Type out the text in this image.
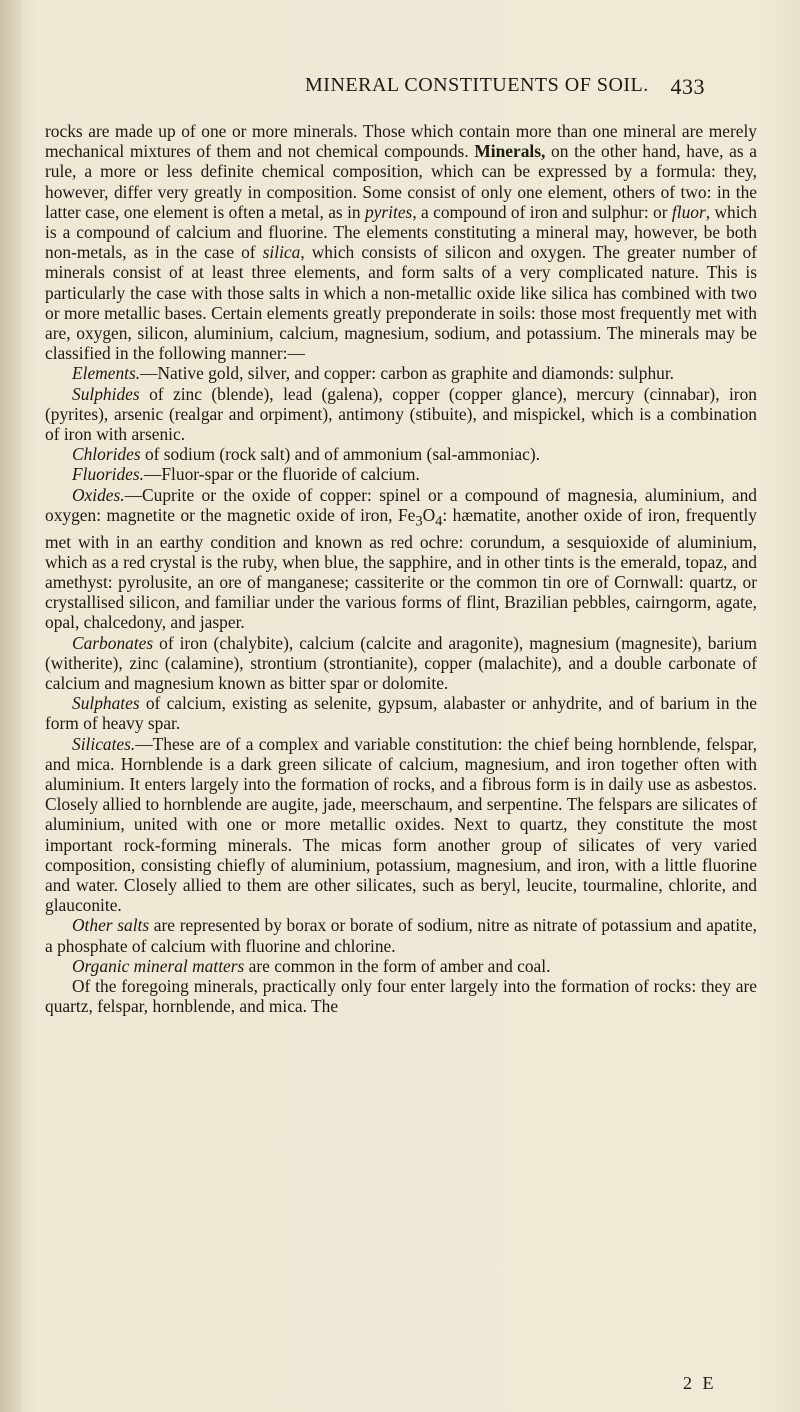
MINERAL CONSTITUENTS OF SOIL. 433

rocks are made up of one or more minerals. Those which contain more than one mineral are merely mechanical mixtures of them and not chemical compounds. Minerals, on the other hand, have, as a rule, a more or less definite chemical composition, which can be expressed by a formula: they, however, differ very greatly in composition. Some consist of only one element, others of two: in the latter case, one element is often a metal, as in pyrites, a compound of iron and sulphur: or fluor, which is a compound of calcium and fluorine. The elements constituting a mineral may, however, be both non-metals, as in the case of silica, which consists of silicon and oxygen. The greater number of minerals consist of at least three elements, and form salts of a very complicated nature. This is particularly the case with those salts in which a non-metallic oxide like silica has combined with two or more metallic bases. Certain elements greatly preponderate in soils: those most frequently met with are, oxygen, silicon, aluminium, calcium, magnesium, sodium, and potassium. The minerals may be classified in the following manner:—

Elements.—Native gold, silver, and copper: carbon as graphite and diamonds: sulphur.

Sulphides of zinc (blende), lead (galena), copper (copper glance), mercury (cinnabar), iron (pyrites), arsenic (realgar and orpiment), antimony (stibuite), and mispickel, which is a combination of iron with arsenic.

Chlorides of sodium (rock salt) and of ammonium (sal-ammoniac).

Fluorides.—Fluor-spar or the fluoride of calcium.

Oxides.—Cuprite or the oxide of copper: spinel or a compound of magnesia, aluminium, and oxygen: magnetite or the magnetic oxide of iron, $Fe_3O_4$: hæmatite, another oxide of iron, frequently met with in an earthy condition and known as red ochre: corundum, a sesquioxide of aluminium, which as a red crystal is the ruby, when blue, the sapphire, and in other tints is the emerald, topaz, and amethyst: pyrolusite, an ore of manganese; cassiterite or the common tin ore of Cornwall: quartz, or crystallised silicon, and familiar under the various forms of flint, Brazilian pebbles, cairngorm, agate, opal, chalcedony, and jasper.

Carbonates of iron (chalybite), calcium (calcite and aragonite), magnesium (magnesite), barium (witherite), zinc (calamine), strontium (strontianite), copper (malachite), and a double carbonate of calcium and magnesium known as bitter spar or dolomite.

Sulphates of calcium, existing as selenite, gypsum, alabaster or anhydrite, and of barium in the form of heavy spar.

Silicates.—These are of a complex and variable constitution: the chief being hornblende, felspar, and mica. Hornblende is a dark green silicate of calcium, magnesium, and iron together often with aluminium. It enters largely into the formation of rocks, and a fibrous form is in daily use as asbestos. Closely allied to hornblende are augite, jade, meerschaum, and serpentine. The felspars are silicates of aluminium, united with one or more metallic oxides. Next to quartz, they constitute the most important rock-forming minerals. The micas form another group of silicates of very varied composition, consisting chiefly of aluminium, potassium, magnesium, and iron, with a little fluorine and water. Closely allied to them are other silicates, such as beryl, leucite, tourmaline, chlorite, and glauconite.

Other salts are represented by borax or borate of sodium, nitre as nitrate of potassium and apatite, a phosphate of calcium with fluorine and chlorine.

Organic mineral matters are common in the form of amber and coal.

Of the foregoing minerals, practically only four enter largely into the formation of rocks: they are quartz, felspar, hornblende, and mica. The

2 E
